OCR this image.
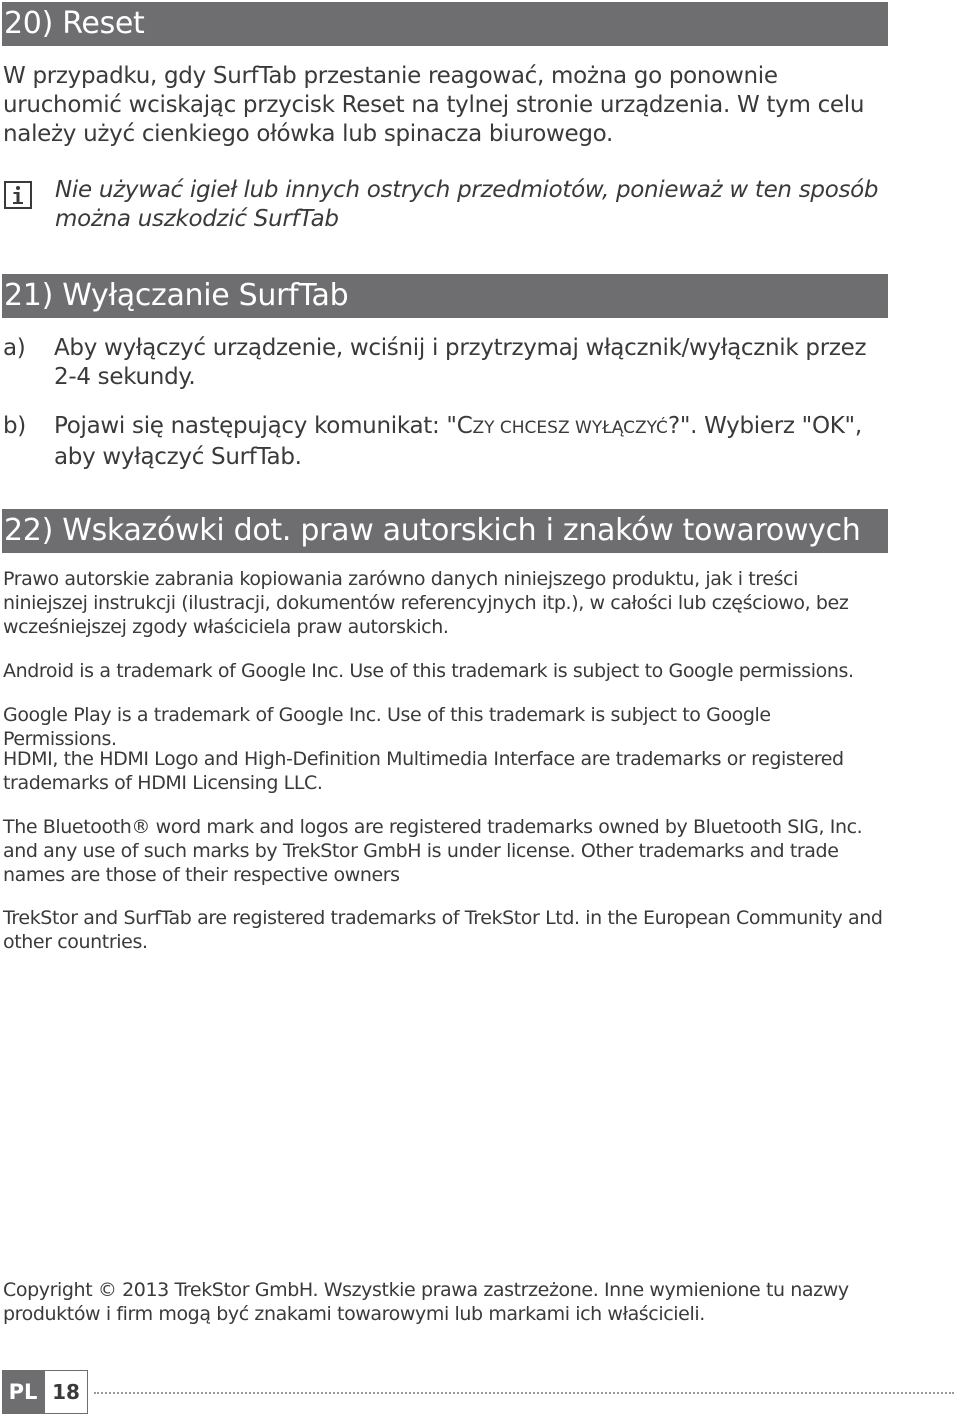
20) Reset
W przypadku, gdy SurfTab przestanie reagować, można go ponownie uruchomić wciskając przycisk Reset na tylnej stronie urządzenia. W tym celu należy użyć cienkiego ołówka lub spinacza biurowego.
Nie używać igieł lub innych ostrych przedmiotów, ponieważ w ten sposób można uszkodzić SurfTab
21) Wyłączanie SurfTab
a) Aby wyłączyć urządzenie, wciśnij i przytrzymaj włącznik/wyłącznik przez 2-4 sekundy.
b) Pojawi się następujący komunikat: "CZY CHCESZ WYŁĄCZYĆ?". Wybierz "OK", aby wyłączyć SurfTab.
22) Wskazówki dot. praw autorskich i znaków towarowych
Prawo autorskie zabrania kopiowania zarówno danych niniejszego produktu, jak i treści niniejszej instrukcji (ilustracji, dokumentów referencyjnych itp.), w całości lub częściowo, bez wcześniejszej zgody właściciela praw autorskich.
Android is a trademark of Google Inc. Use of this trademark is subject to Google permissions.
Google Play is a trademark of Google Inc. Use of this trademark is subject to Google Permissions.
HDMI, the HDMI Logo and High-Definition Multimedia Interface are trademarks or registered trademarks of HDMI Licensing LLC.
The Bluetooth® word mark and logos are registered trademarks owned by Bluetooth SIG, Inc. and any use of such marks by TrekStor GmbH is under license. Other trademarks and trade names are those of their respective owners
TrekStor and SurfTab are registered trademarks of TrekStor Ltd. in the European Community and other countries.
Copyright © 2013 TrekStor GmbH. Wszystkie prawa zastrzeżone. Inne wymienione tu nazwy produktów i firm mogą być znakami towarowymi lub markami ich właścicieli.
PL 18
